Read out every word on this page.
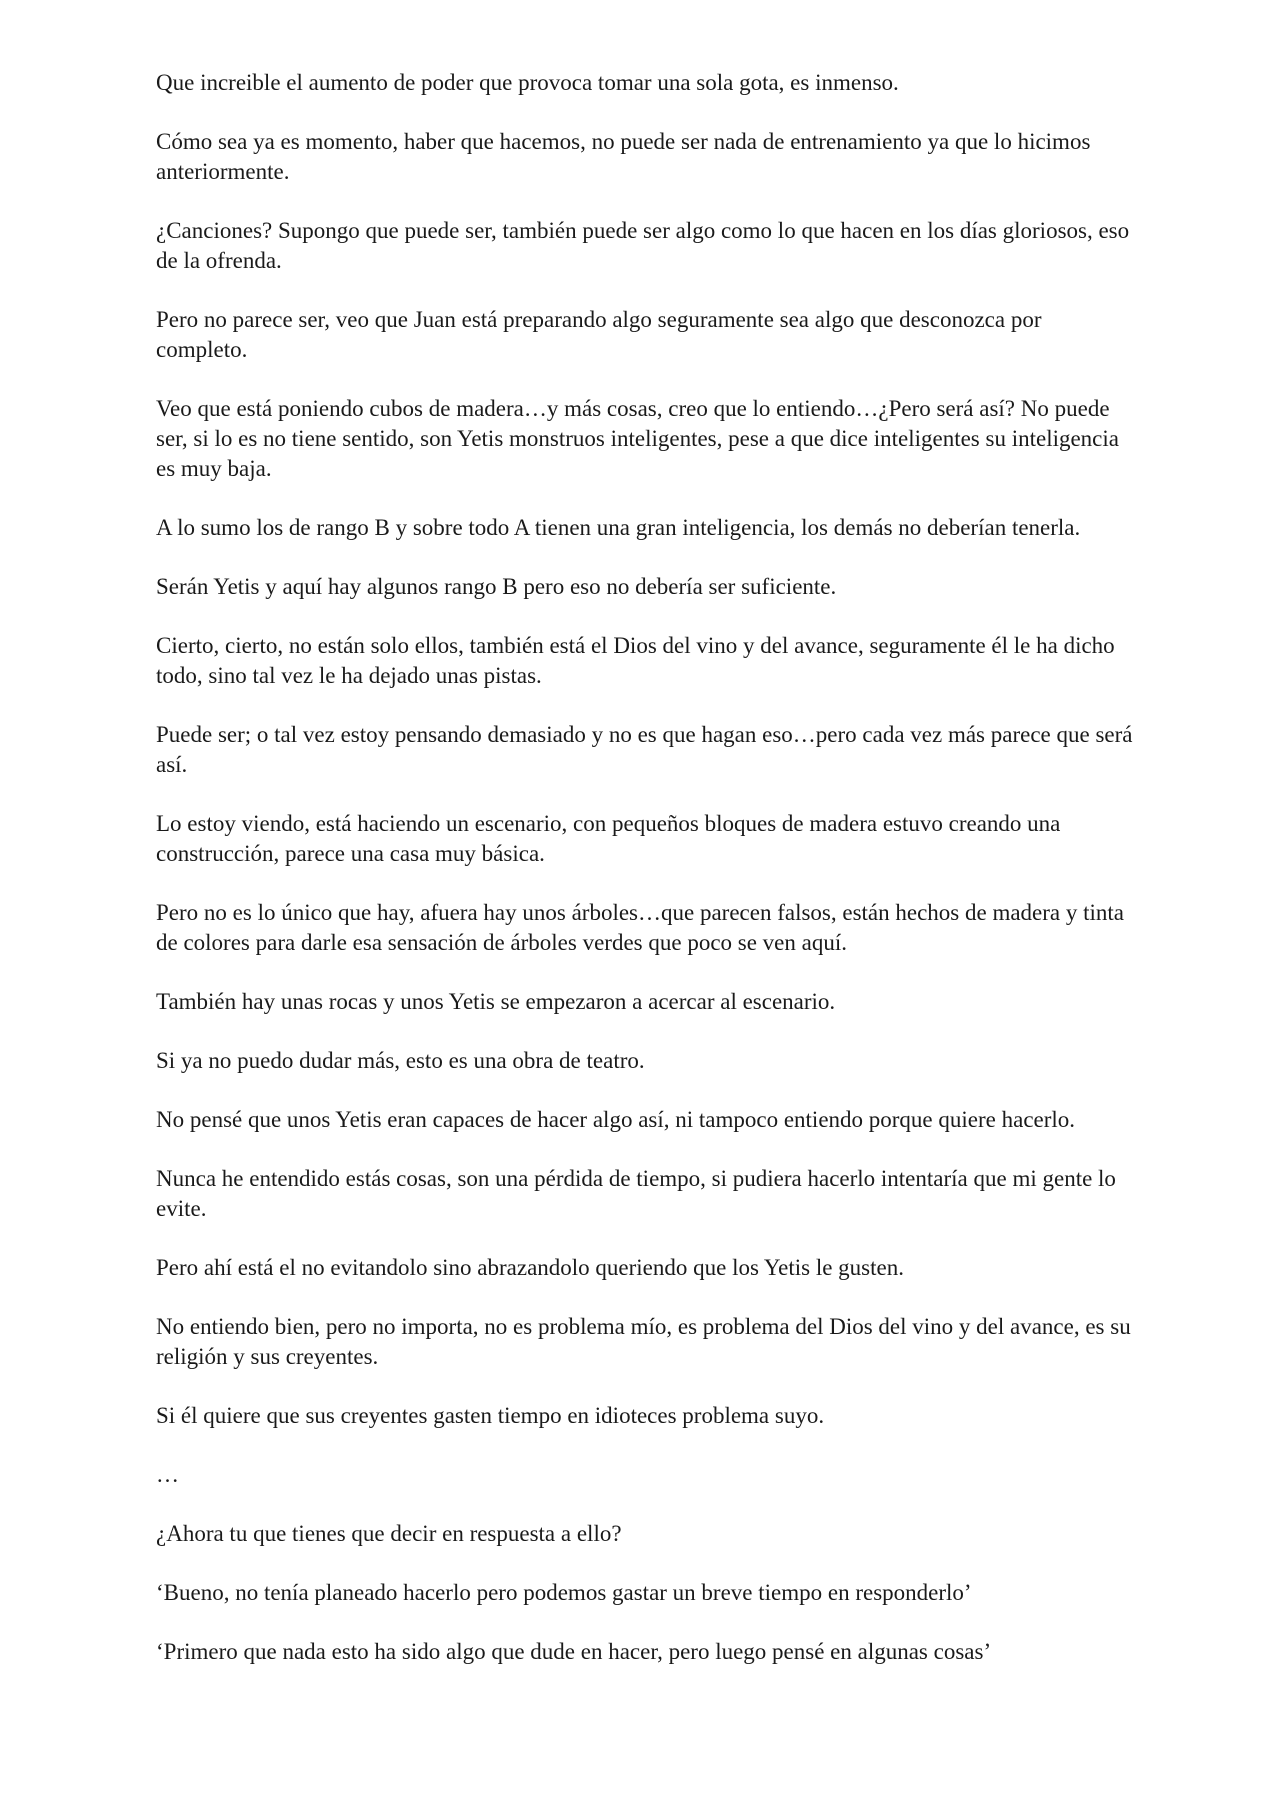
Que increible el aumento de poder que provoca tomar una sola gota, es inmenso.

Cómo sea ya es momento, haber que hacemos, no puede ser nada de entrenamiento ya que lo hicimos anteriormente.

¿Canciones? Supongo que puede ser, también puede ser algo como lo que hacen en los días gloriosos, eso de la ofrenda.

Pero no parece ser, veo que Juan está preparando algo seguramente sea algo que desconozca por completo.

Veo que está poniendo cubos de madera…y más cosas, creo que lo entiendo…¿Pero será así? No puede ser, si lo es no tiene sentido, son Yetis monstruos inteligentes, pese a que dice inteligentes su inteligencia es muy baja.

A lo sumo los de rango B y sobre todo A tienen una gran inteligencia, los demás no deberían tenerla.

Serán Yetis y aquí hay algunos rango B pero eso no debería ser suficiente.

Cierto, cierto, no están solo ellos, también está el Dios del vino y del avance, seguramente él le ha dicho todo, sino tal vez le ha dejado unas pistas.

Puede ser; o tal vez estoy pensando demasiado y no es que hagan eso…pero cada vez más parece que será así.

Lo estoy viendo, está haciendo un escenario, con pequeños bloques de madera estuvo creando una construcción, parece una casa muy básica.

Pero no es lo único que hay, afuera hay unos árboles…que parecen falsos, están hechos de madera y tinta de colores para darle esa sensación de árboles verdes que poco se ven aquí.

También hay unas rocas y unos Yetis se empezaron a acercar al escenario.

Si ya no puedo dudar más, esto es una obra de teatro.

No pensé que unos Yetis eran capaces de hacer algo así, ni tampoco entiendo porque quiere hacerlo.

Nunca he entendido estás cosas, son una pérdida de tiempo, si pudiera hacerlo intentaría que mi gente lo evite.

Pero ahí está el no evitandolo sino abrazandolo queriendo que los Yetis le gusten.

No entiendo bien, pero no importa, no es problema mío, es problema del Dios del vino y del avance, es su religión y sus creyentes.

Si él quiere que sus creyentes gasten tiempo en idioteces problema suyo.

…

¿Ahora tu que tienes que decir en respuesta a ello?

‘Bueno, no tenía planeado hacerlo pero podemos gastar un breve tiempo en responderlo’

‘Primero que nada esto ha sido algo que dude en hacer, pero luego pensé en algunas cosas’
